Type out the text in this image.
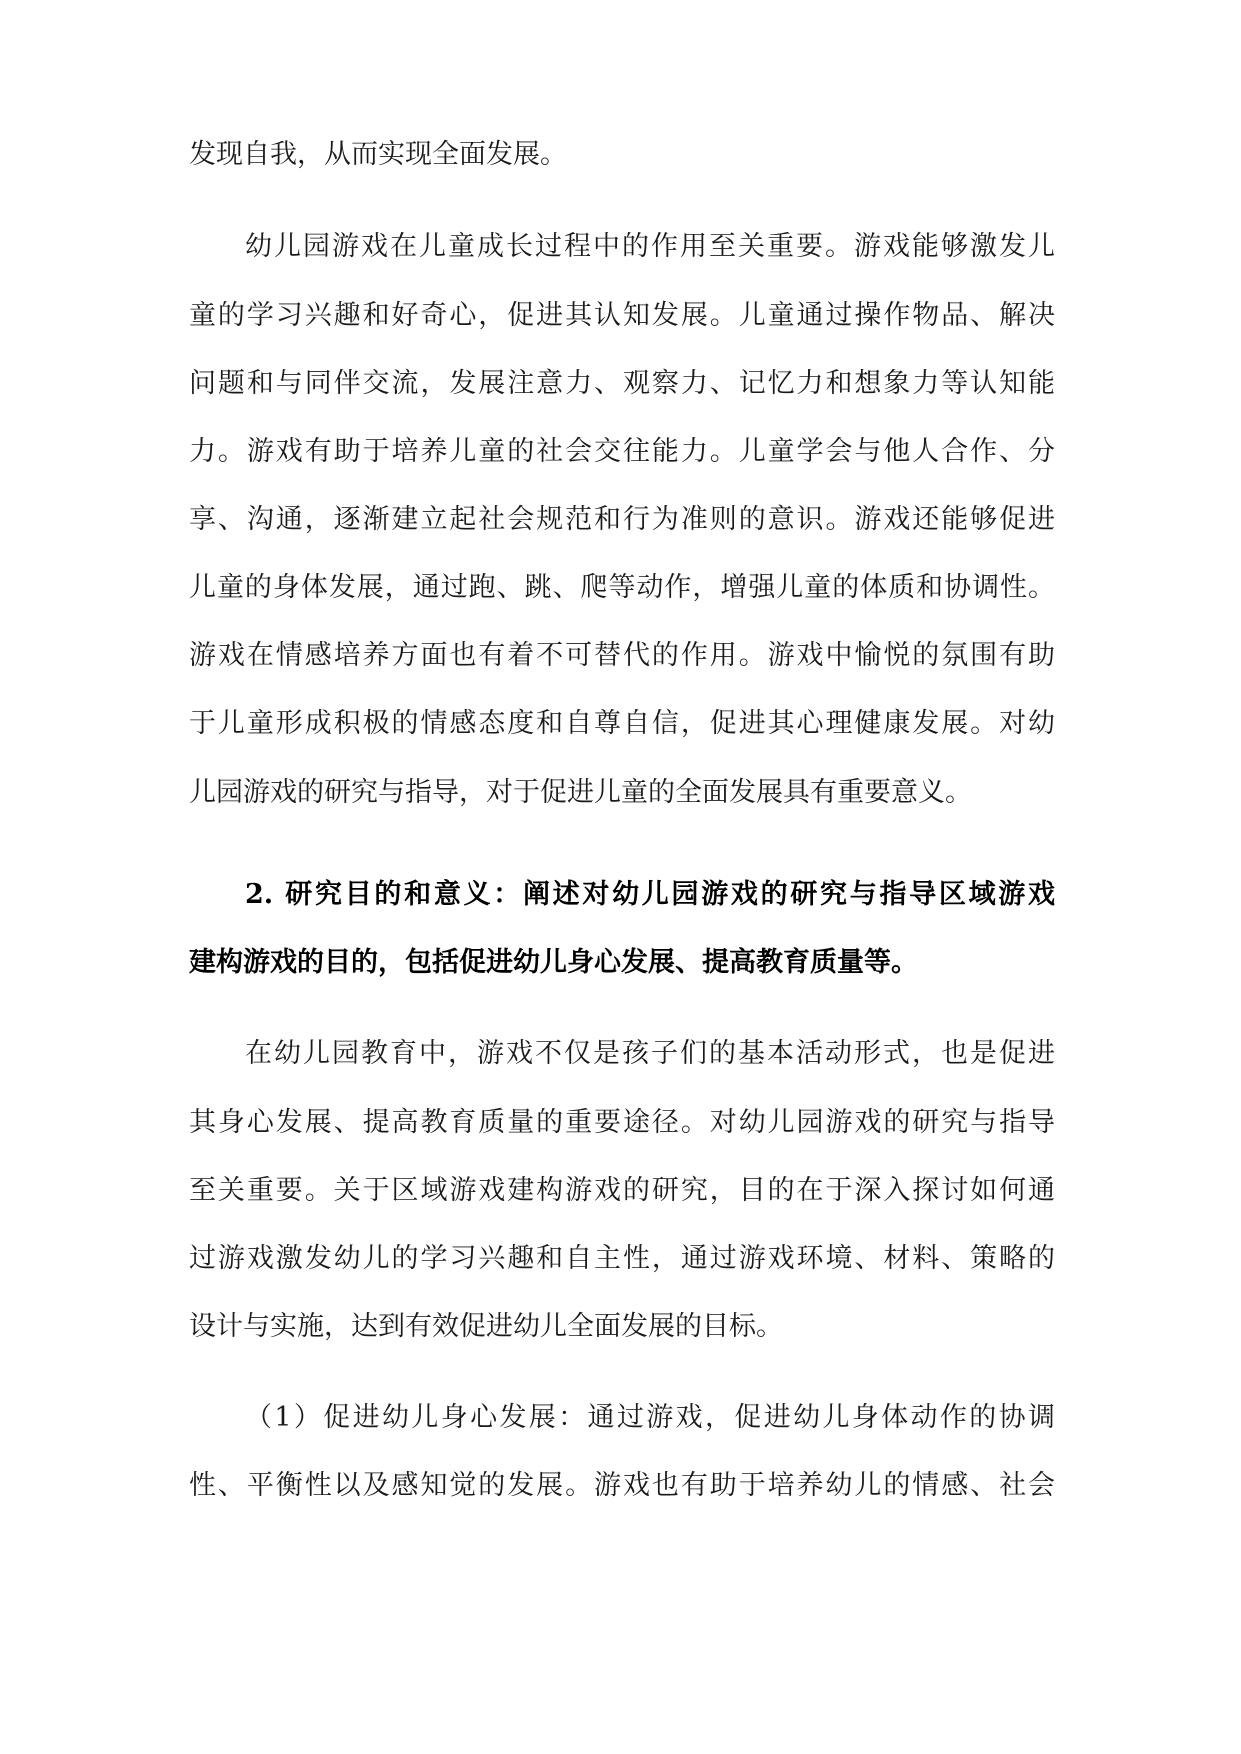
发现自我，从而实现全面发展。
幼儿园游戏在儿童成长过程中的作用至关重要。游戏能够激发儿
童的学习兴趣和好奇心，促进其认知发展。儿童通过操作物品、解决
问题和与同伴交流，发展注意力、观察力、记忆力和想象力等认知能
力。游戏有助于培养儿童的社会交往能力。儿童学会与他人合作、分
享、沟通，逐渐建立起社会规范和行为准则的意识。游戏还能够促进
儿童的身体发展，通过跑、跳、爬等动作，增强儿童的体质和协调性。
游戏在情感培养方面也有着不可替代的作用。游戏中愉悦的氛围有助
于儿童形成积极的情感态度和自尊自信，促进其心理健康发展。对幼
儿园游戏的研究与指导，对于促进儿童的全面发展具有重要意义。
2. 研究目的和意义：阐述对幼儿园游戏的研究与指导区域游戏
建构游戏的目的，包括促进幼儿身心发展、提高教育质量等。
在幼儿园教育中，游戏不仅是孩子们的基本活动形式，也是促进
其身心发展、提高教育质量的重要途径。对幼儿园游戏的研究与指导
至关重要。关于区域游戏建构游戏的研究，目的在于深入探讨如何通
过游戏激发幼儿的学习兴趣和自主性，通过游戏环境、材料、策略的
设计与实施，达到有效促进幼儿全面发展的目标。
（1）促进幼儿身心发展：通过游戏，促进幼儿身体动作的协调
性、平衡性以及感知觉的发展。游戏也有助于培养幼儿的情感、社会
